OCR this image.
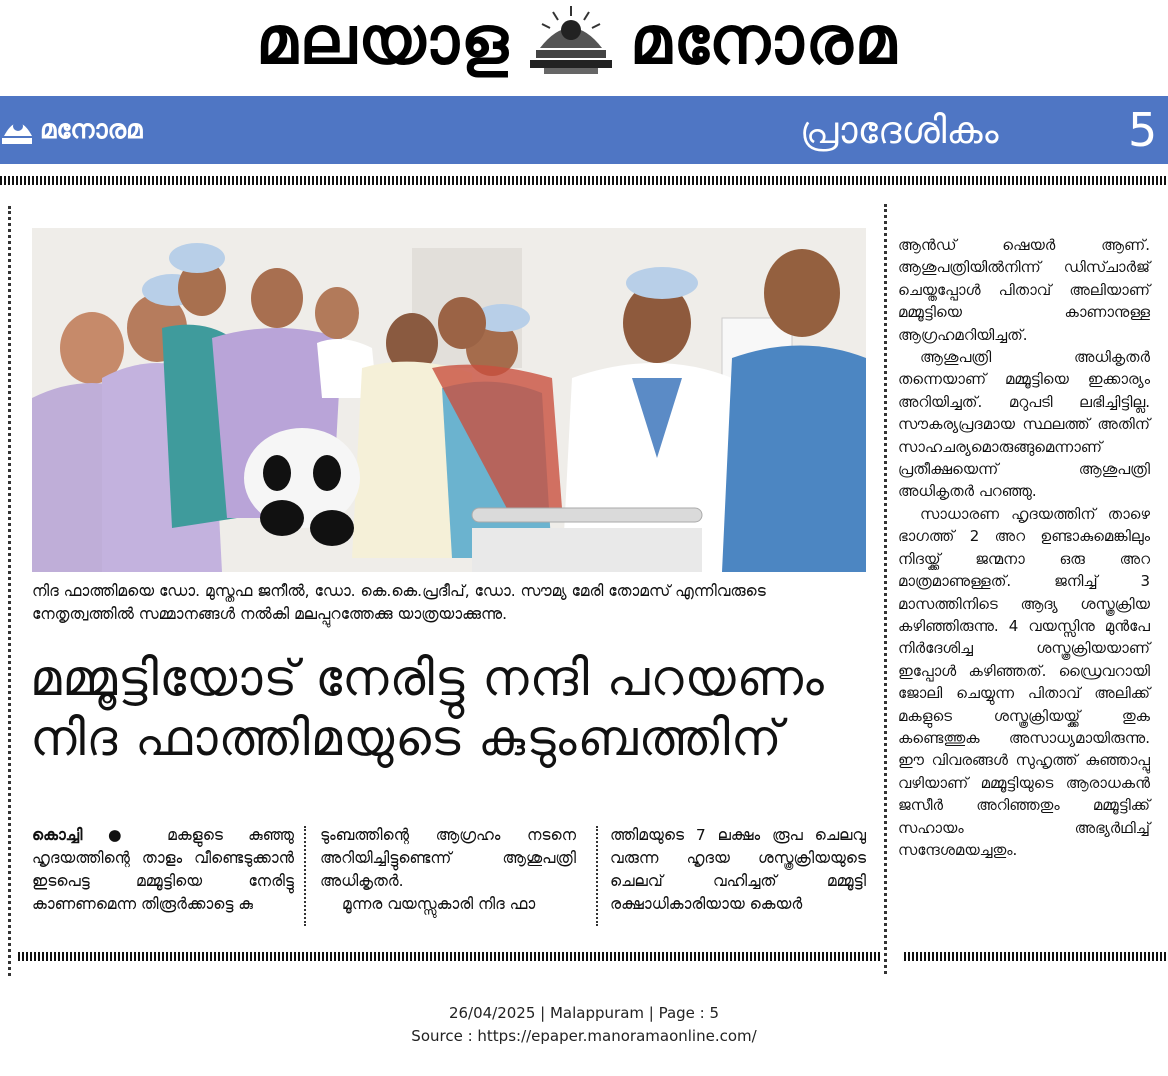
മലയാള മനോരമ
മനോരമ	പ്രാദേശികം	5
നിദ ഫാത്തിമയെ ഡോ. മുസ്തഫ ജനീൽ, ഡോ. കെ.കെ.പ്രദീപ്, ഡോ. സൗമ്യ മേരി തോമസ് എന്നിവരുടെ നേതൃത്വത്തിൽ സമ്മാനങ്ങൾ നൽകി മലപ്പുറത്തേക്കു യാത്രയാക്കുന്നു.
മമ്മൂട്ടിയോട് നേരിട്ടു നന്ദി പറയണം
നിദ ഫാത്തിമയുടെ കുടുംബത്തിന്

കൊച്ചി ● മകളുടെ കുഞ്ഞു ഹൃദയത്തിന്റെ താളം വീണ്ടെടുക്കാൻ ഇടപെട്ട മമ്മൂട്ടിയെ നേരിട്ടു കാണണമെന്ന തിരൂർക്കാട്ടെ കു

ടുംബത്തിന്റെ ആഗ്രഹം നടനെ അറിയിച്ചിട്ടുണ്ടെന്ന് ആശുപത്രി അധികൃതർ.

മൂന്നര വയസ്സുകാരി നിദ ഫാ

ത്തിമയുടെ 7 ലക്ഷം രൂപ ചെലവു വരുന്ന ഹൃദയ ശസ്ത്രക്രിയയുടെ ചെലവ് വഹിച്ചത് മമ്മൂട്ടി രക്ഷാധികാരിയായ കെയർ

ആൻഡ് ഷെയർ ആണ്. ആശുപത്രിയിൽനിന്ന് ഡിസ്ചാർജ് ചെയ്തപ്പോൾ പിതാവ് അലിയാണ് മമ്മൂട്ടിയെ കാണാനുള്ള ആഗ്രഹമറിയിച്ചത്.

ആശുപത്രി അധികൃതർ തന്നെയാണ് മമ്മൂട്ടിയെ ഇക്കാര്യം അറിയിച്ചത്. മറുപടി ലഭിച്ചിട്ടില്ല. സൗകര്യപ്രദമായ സ്ഥലത്ത് അതിന് സാഹചര്യമൊരുങ്ങുമെന്നാണ് പ്രതീക്ഷയെന്ന് ആശുപത്രി അധികൃതർ പറഞ്ഞു.

സാധാരണ ഹൃദയത്തിന് താഴെ ഭാഗത്ത് 2 അറ ഉണ്ടാകുമെങ്കിലും നിദയ്ക്ക് ജന്മനാ ഒരു അറ മാത്രമാണുള്ളത്. ജനിച്ച് 3 മാസത്തിനിടെ ആദ്യ ശസ്ത്രക്രിയ കഴിഞ്ഞിരുന്നു. 4 വയസ്സിനു മുൻപേ നിർദേശിച്ച ശസ്ത്രക്രിയയാണ് ഇപ്പോൾ കഴിഞ്ഞത്. ഡ്രൈവറായി ജോലി ചെയ്യുന്ന പിതാവ് അലിക്ക് മകളുടെ ശസ്ത്രക്രിയയ്ക്ക് തുക കണ്ടെത്തുക അസാധ്യമായിരുന്നു. ഈ വിവരങ്ങൾ സുഹൃത്ത് കുഞ്ഞാപ്പു വഴിയാണ് മമ്മൂട്ടിയുടെ ആരാധകൻ ജസീർ അറിഞ്ഞതും മമ്മൂട്ടിക്ക് സഹായം അഭ്യർഥിച്ച് സന്ദേശമയച്ചതും.

26/04/2025 | Malappuram | Page : 5
Source : https://epaper.manoramaonline.com/
